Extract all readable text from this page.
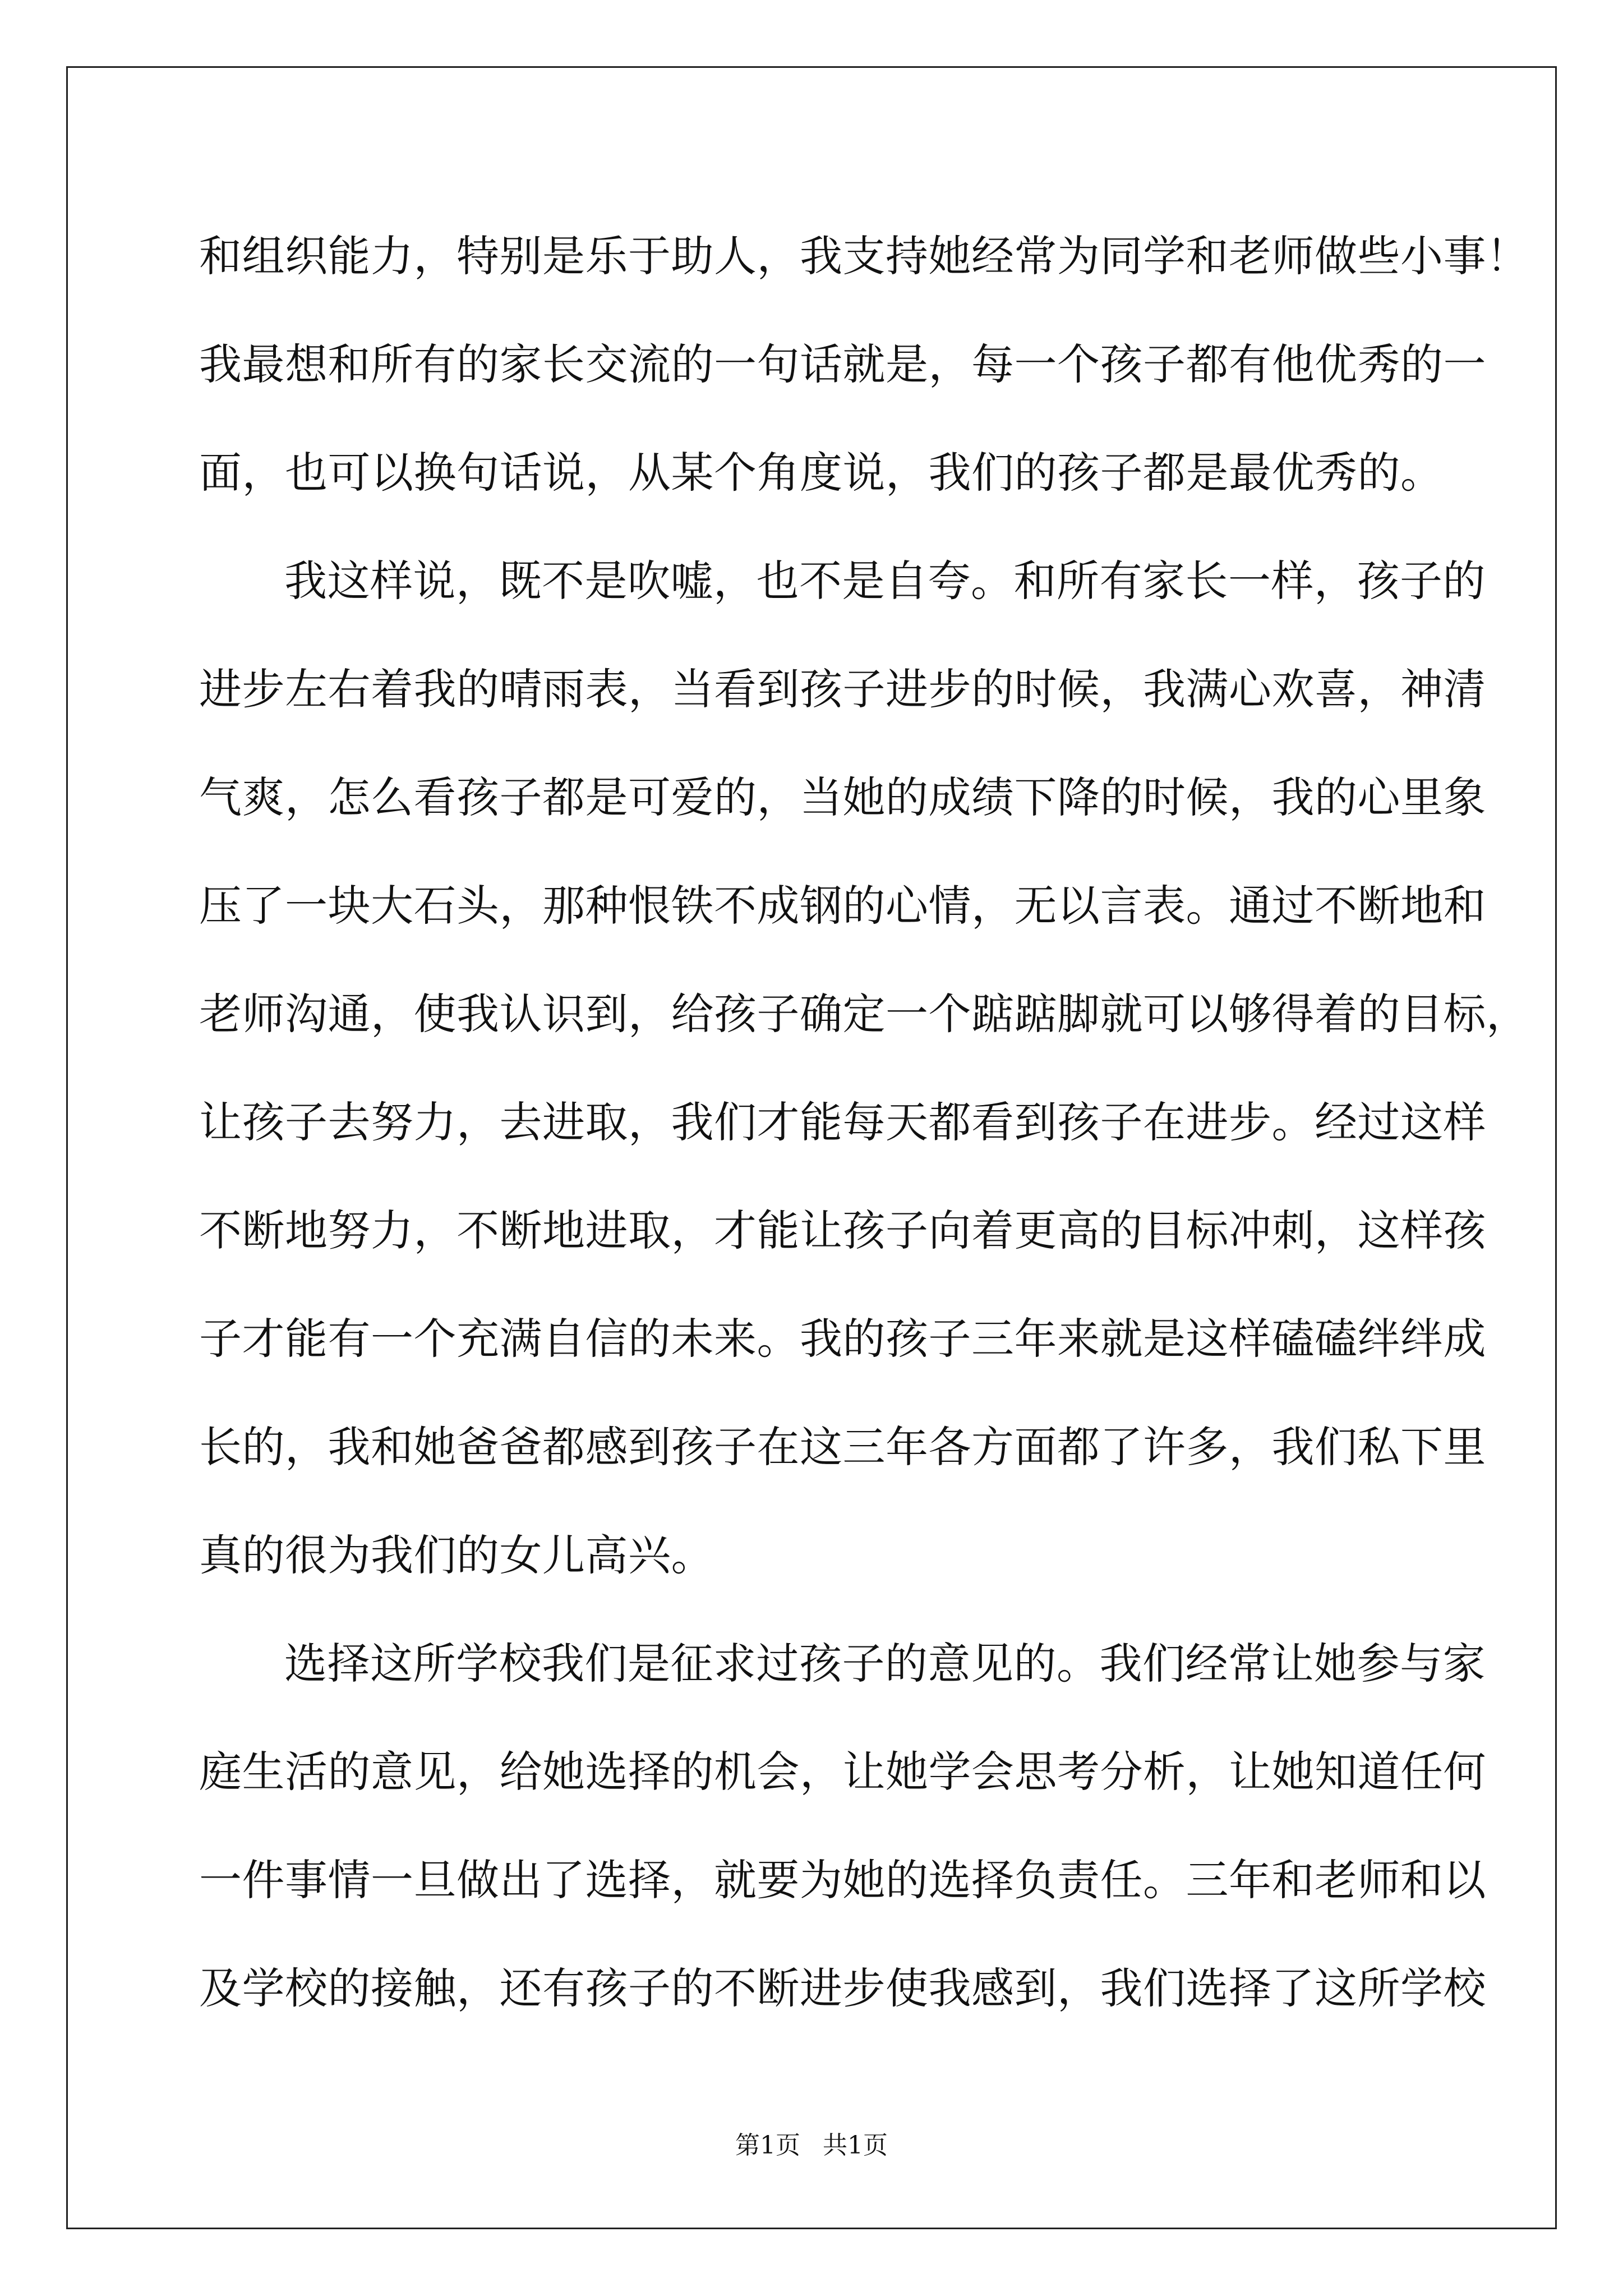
和组织能力，特别是乐于助人，我支持她经常为同学和老师做些小事！
我最想和所有的家长交流的一句话就是，每一个孩子都有他优秀的一
面，也可以换句话说，从某个角度说，我们的孩子都是最优秀的。
我这样说，既不是吹嘘，也不是自夸。和所有家长一样，孩子的
进步左右着我的晴雨表，当看到孩子进步的时候，我满心欢喜，神清
气爽，怎么看孩子都是可爱的，当她的成绩下降的时候，我的心里象
压了一块大石头，那种恨铁不成钢的心情，无以言表。通过不断地和
老师沟通，使我认识到，给孩子确定一个踮踮脚就可以够得着的目标，
让孩子去努力，去进取，我们才能每天都看到孩子在进步。经过这样
不断地努力，不断地进取，才能让孩子向着更高的目标冲刺，这样孩
子才能有一个充满自信的未来。我的孩子三年来就是这样磕磕绊绊成
长的，我和她爸爸都感到孩子在这三年各方面都了许多，我们私下里
真的很为我们的女儿高兴。
选择这所学校我们是征求过孩子的意见的。我们经常让她参与家
庭生活的意见，给她选择的机会，让她学会思考分析，让她知道任何
一件事情一旦做出了选择，就要为她的选择负责任。三年和老师和以
及学校的接触，还有孩子的不断进步使我感到，我们选择了这所学校
第1页 共1页
